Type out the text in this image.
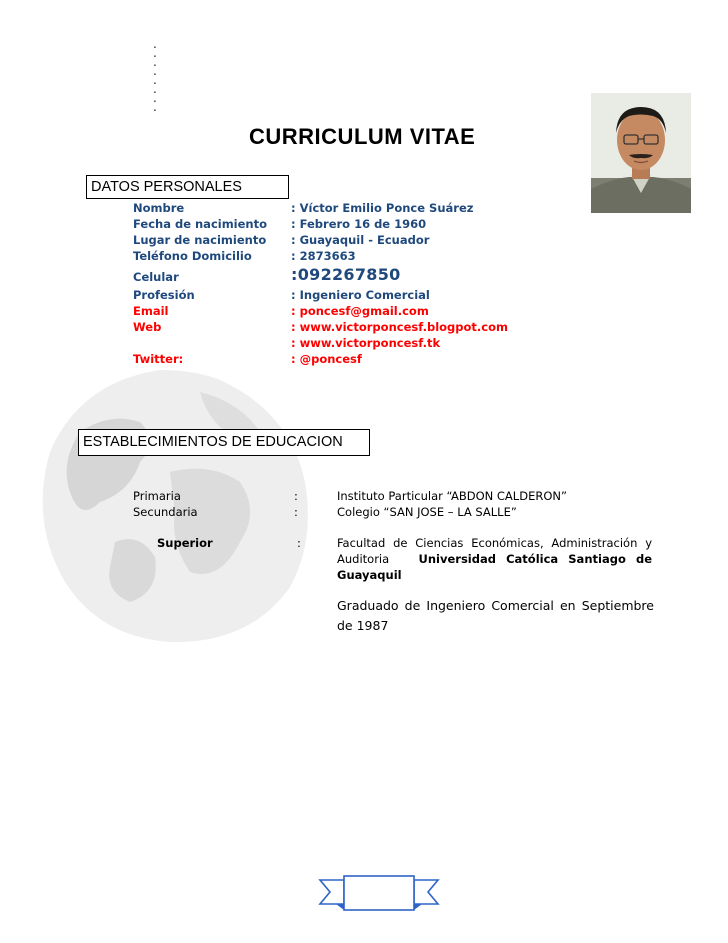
.
.
.
.
.
.
.
.
CURRICULUM VITAE
DATOS PERSONALES
Nombre	: Víctor Emilio Ponce Suárez
Fecha de nacimiento : Febrero 16 de 1960
Lugar de nacimiento : Guayaquil - Ecuador
Teléfono Domicilio	: 2873663
Celular	:092267850
Profesión	: Ingeniero Comercial
Email	: poncesf@gmail.com
Web	: www.victorponcesf.blogpot.com
: www.victorponcesf.tk
Twitter:	: @poncesf
ESTABLECIMIENTOS DE EDUCACION
Primaria	:	Instituto Particular “ABDON CALDERON”
Secundaria	:	Colegio “SAN JOSE – LA SALLE”
Superior	:	Facultad de Ciencias Económicas, Administración y Auditoria	Universidad Católica Santiago de Guayaquil
Graduado de Ingeniero Comercial en Septiembre de 1987
